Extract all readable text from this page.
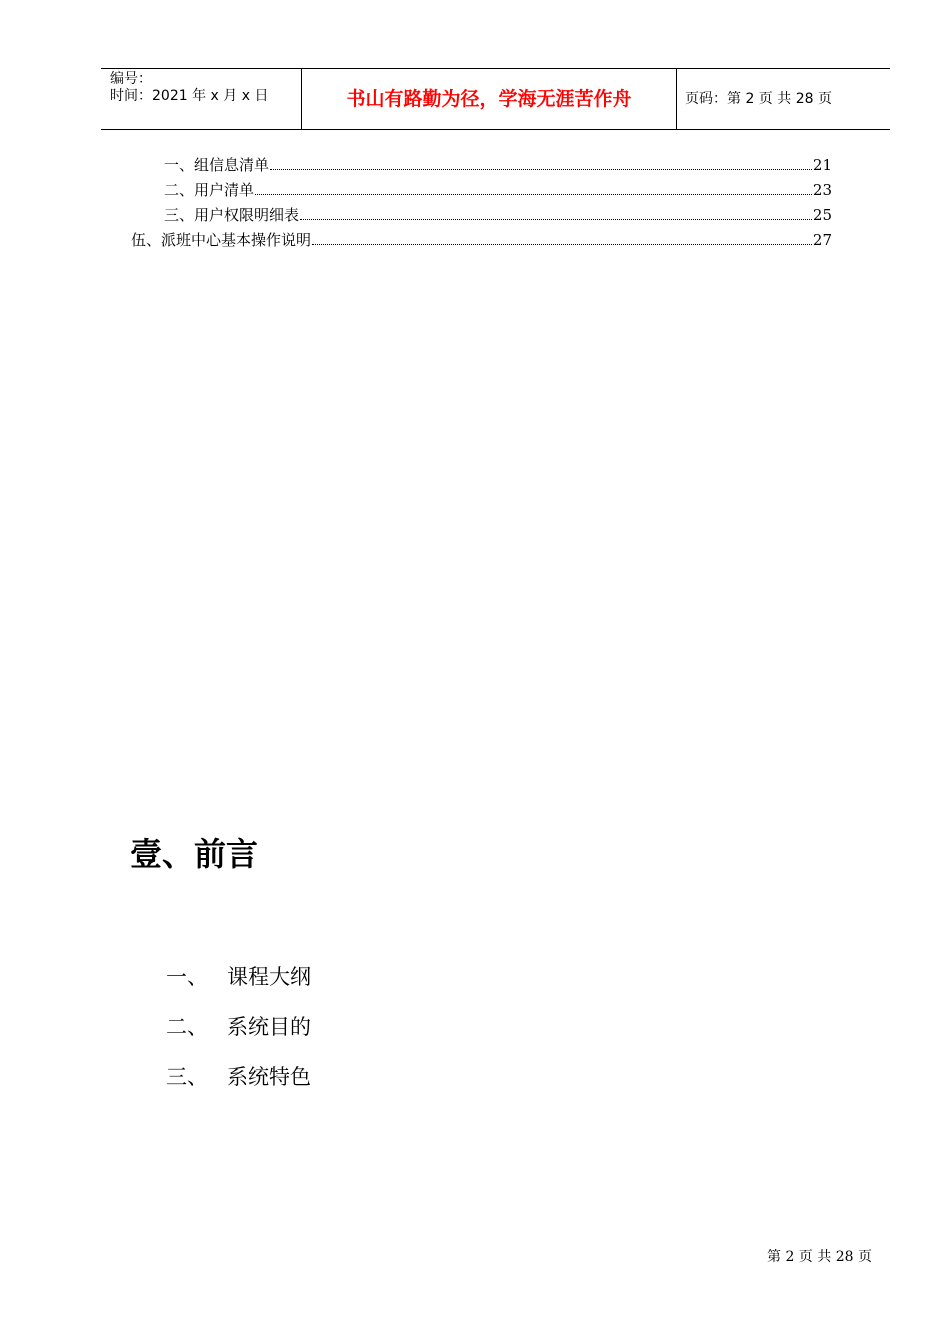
编号：
时间：2021 年 x 月 x 日	书山有路勤为径，学海无涯苦作舟	页码：第 2 页 共 28 页
一、组信息清单	21
二、用户清单	23
三、用户权限明细表	25
伍、派班中心基本操作说明	27
壹、前言
一、 课程大纲
二、 系统目的
三、 系统特色
第 2 页 共 28 页
